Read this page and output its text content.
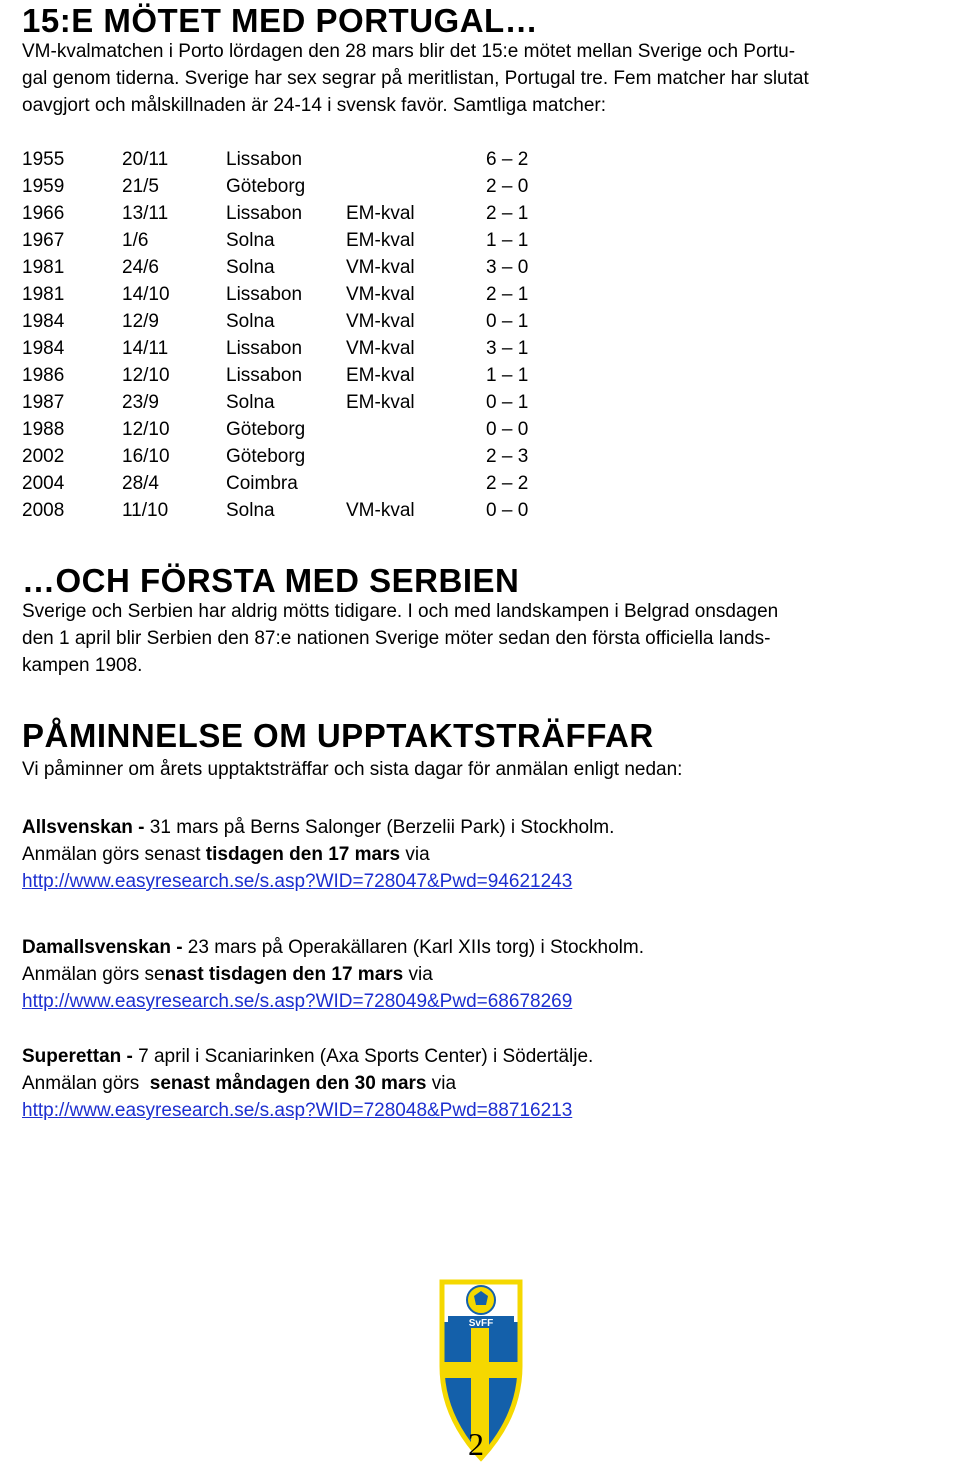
15:E MÖTET MED PORTUGAL…
VM-kvalmatchen i Porto lördagen den 28 mars blir det 15:e mötet mellan Sverige och Portu-
gal genom tiderna. Sverige har sex segrar på meritlistan, Portugal tre. Fem matcher har slutat
oavgjort och målskillnaden är 24-14 i svensk favör. Samtliga matcher:
1955	20/11	Lissabon		6 – 2
1959	21/5	Göteborg		2 – 0
1966	13/11	Lissabon	EM-kval	2 – 1
1967	1/6	Solna	EM-kval	1 – 1
1981	24/6	Solna	VM-kval	3 – 0
1981	14/10	Lissabon	VM-kval	2 – 1
1984	12/9	Solna	VM-kval	0 – 1
1984	14/11	Lissabon	VM-kval	3 – 1
1986	12/10	Lissabon	EM-kval	1 – 1
1987	23/9	Solna	EM-kval	0 – 1
1988	12/10	Göteborg		0 – 0
2002	16/10	Göteborg		2 – 3
2004	28/4	Coimbra		2 – 2
2008	11/10	Solna	VM-kval	0 – 0
…OCH FÖRSTA MED SERBIEN
Sverige och Serbien har aldrig mötts tidigare. I och med landskampen i Belgrad onsdagen
den 1 april blir Serbien den 87:e nationen Sverige möter sedan den första officiella lands-
kampen 1908.
PÅMINNELSE OM UPPTAKTSTRÄFFAR
Vi påminner om årets upptaktsträffar och sista dagar för anmälan enligt nedan:
Allsvenskan - 31 mars på Berns Salonger (Berzelii Park) i Stockholm.
Anmälan görs senast tisdagen den 17 mars via
http://www.easyresearch.se/s.asp?WID=728047&Pwd=94621243
Damallsvenskan - 23 mars på Operakällaren (Karl XIIs torg) i Stockholm.
Anmälan görs senast tisdagen den 17 mars via
http://www.easyresearch.se/s.asp?WID=728049&Pwd=68678269
Superettan - 7 april i Scaniarinken (Axa Sports Center) i Södertälje.
Anmälan görs  senast måndagen den 30 mars via
http://www.easyresearch.se/s.asp?WID=728048&Pwd=88716213
SvFF
2
